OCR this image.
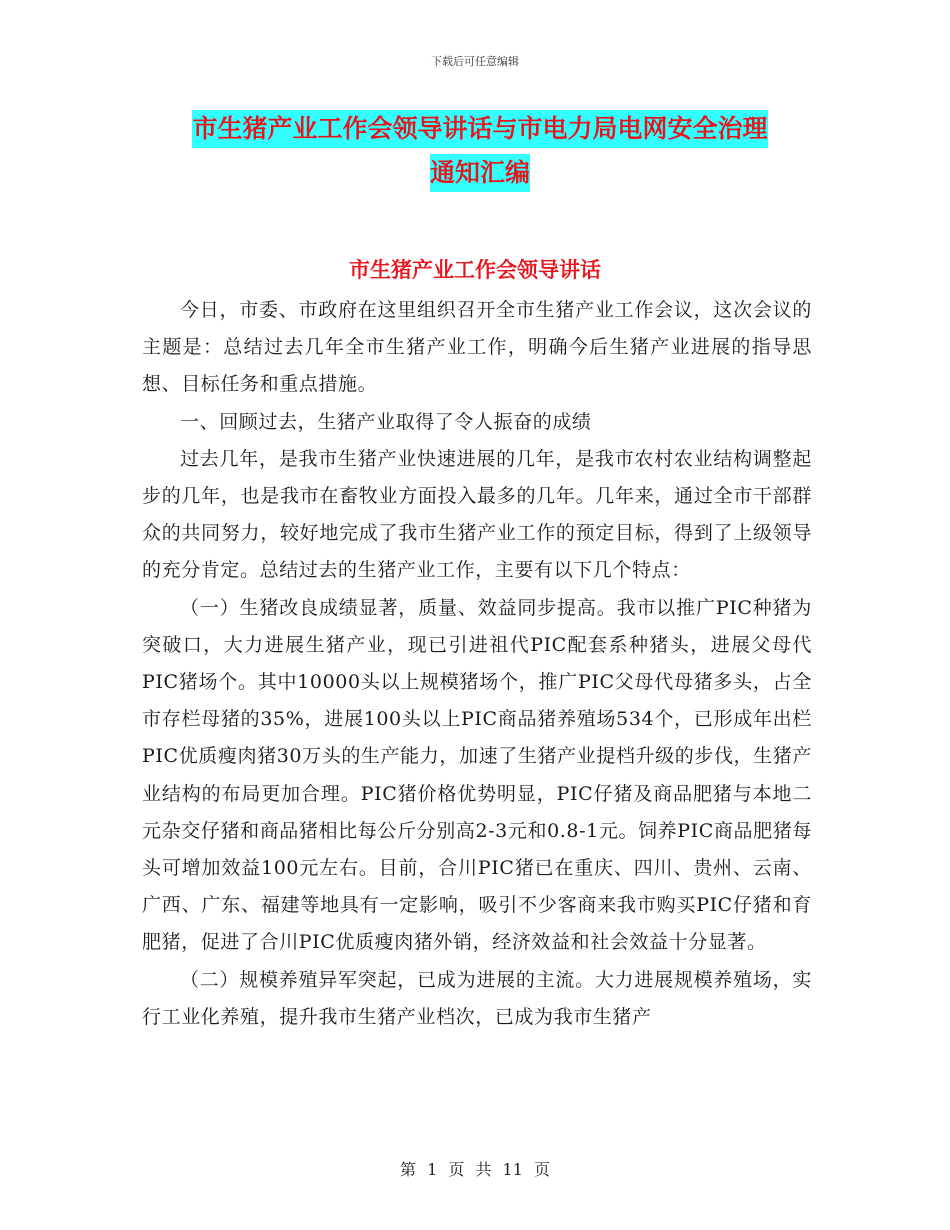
下载后可任意编辑
市生猪产业工作会领导讲话与市电力局电网安全治理
通知汇编
市生猪产业工作会领导讲话

今日，市委、市政府在这里组织召开全市生猪产业工作会议，这次会议的主题是：总结过去几年全市生猪产业工作，明确今后生猪产业进展的指导思想、目标任务和重点措施。

一、回顾过去，生猪产业取得了令人振奋的成绩

过去几年，是我市生猪产业快速进展的几年，是我市农村农业结构调整起步的几年，也是我市在畜牧业方面投入最多的几年。几年来，通过全市干部群众的共同努力，较好地完成了我市生猪产业工作的预定目标，得到了上级领导的充分肯定。总结过去的生猪产业工作，主要有以下几个特点：

（一）生猪改良成绩显著，质量、效益同步提高。我市以推广PIC种猪为突破口，大力进展生猪产业，现已引进祖代PIC配套系种猪头，进展父母代PIC猪场个。其中10000头以上规模猪场个，推广PIC父母代母猪多头，占全市存栏母猪的35%，进展100头以上PIC商品猪养殖场534个，已形成年出栏PIC优质瘦肉猪30万头的生产能力，加速了生猪产业提档升级的步伐，生猪产业结构的布局更加合理。PIC猪价格优势明显，PIC仔猪及商品肥猪与本地二元杂交仔猪和商品猪相比每公斤分别高2-3元和0.8-1元。饲养PIC商品肥猪每头可增加效益100元左右。目前，合川PIC猪已在重庆、四川、贵州、云南、广西、广东、福建等地具有一定影响，吸引不少客商来我市购买PIC仔猪和育肥猪，促进了合川PIC优质瘦肉猪外销，经济效益和社会效益十分显著。

（二）规模养殖异军突起，已成为进展的主流。大力进展规模养殖场，实行工业化养殖，提升我市生猪产业档次，已成为我市生猪产

第 1 页 共 11 页
